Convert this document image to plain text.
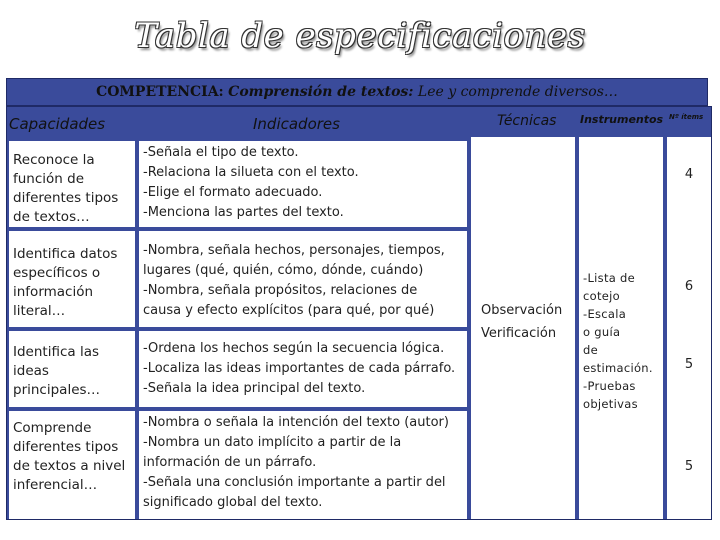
Tabla de especificaciones
COMPETENCIA: Comprensión de textos: Lee y comprende diversos…
Capacidades	Indicadores	Técnicas Instrumentos Nº ítems
Reconoce la función de diferentes tipos de textos…
Identifica datos específicos o información literal…
Identifica las ideas principales…
Comprende diferentes tipos de textos a nivel inferencial…
-Señala el tipo de texto.
-Relaciona la silueta con el texto.
-Elige el formato adecuado.
-Menciona las partes del texto.
-Nombra, señala hechos, personajes, tiempos,
lugares (qué, quién, cómo, dónde, cuándo)
-Nombra, señala propósitos, relaciones de
causa y efecto explícitos (para qué, por qué)
-Ordena los hechos según la secuencia lógica.
-Localiza las ideas importantes de cada párrafo.
-Señala la idea principal del texto.
-Nombra o señala la intención del texto (autor)
-Nombra un dato implícito a partir de la
información de un párrafo.
-Señala una conclusión importante a partir del
significado global del texto.
Observación
Verificación
-Lista de
cotejo
-Escala
o guía
de
estimación.
-Pruebas
objetivas
4
6
5
5
